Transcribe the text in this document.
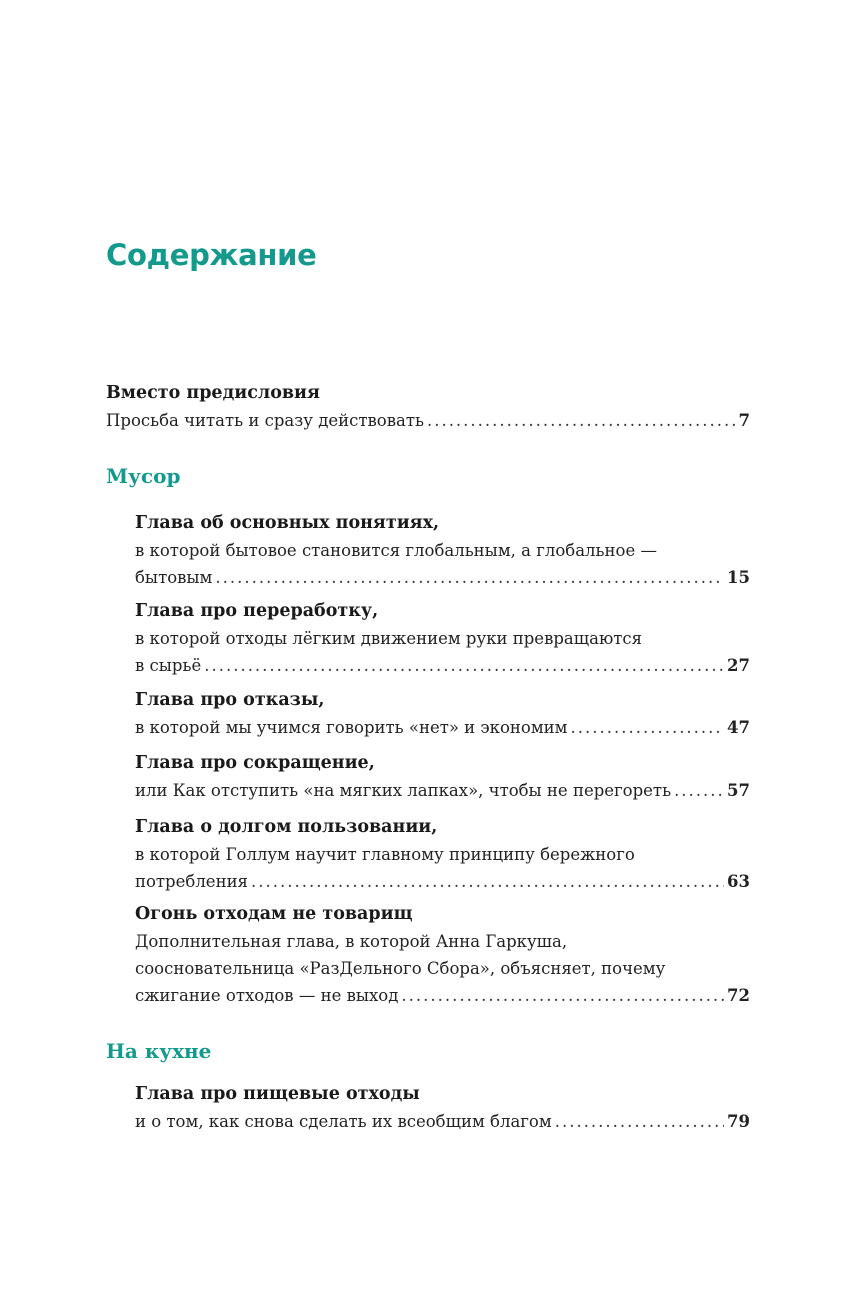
Содержание
Вместо предисловия
Просьба читать и сразу действовать .....	7
Мусор
Глава об основных понятиях,
в которой бытовое становится глобальным, а глобальное —
бытовым .....	15
Глава про переработку,
в которой отходы лёгким движением руки превращаются
в сырьё .....	27
Глава про отказы,
в которой мы учимся говорить «нет» и экономим .....	47
Глава про сокращение,
или Как отступить «на мягких лапках», чтобы не перегореть .....	57
Глава о долгом пользовании,
в которой Голлум научит главному принципу бережного
потребления .....	63
Огонь отходам не товарищ
Дополнительная глава, в которой Анна Гаркуша,
соосновательница «РазДельного Сбора», объясняет, почему
сжигание отходов — не выход .....	72
На кухне
Глава про пищевые отходы
и о том, как снова сделать их всеобщим благом .....	79
